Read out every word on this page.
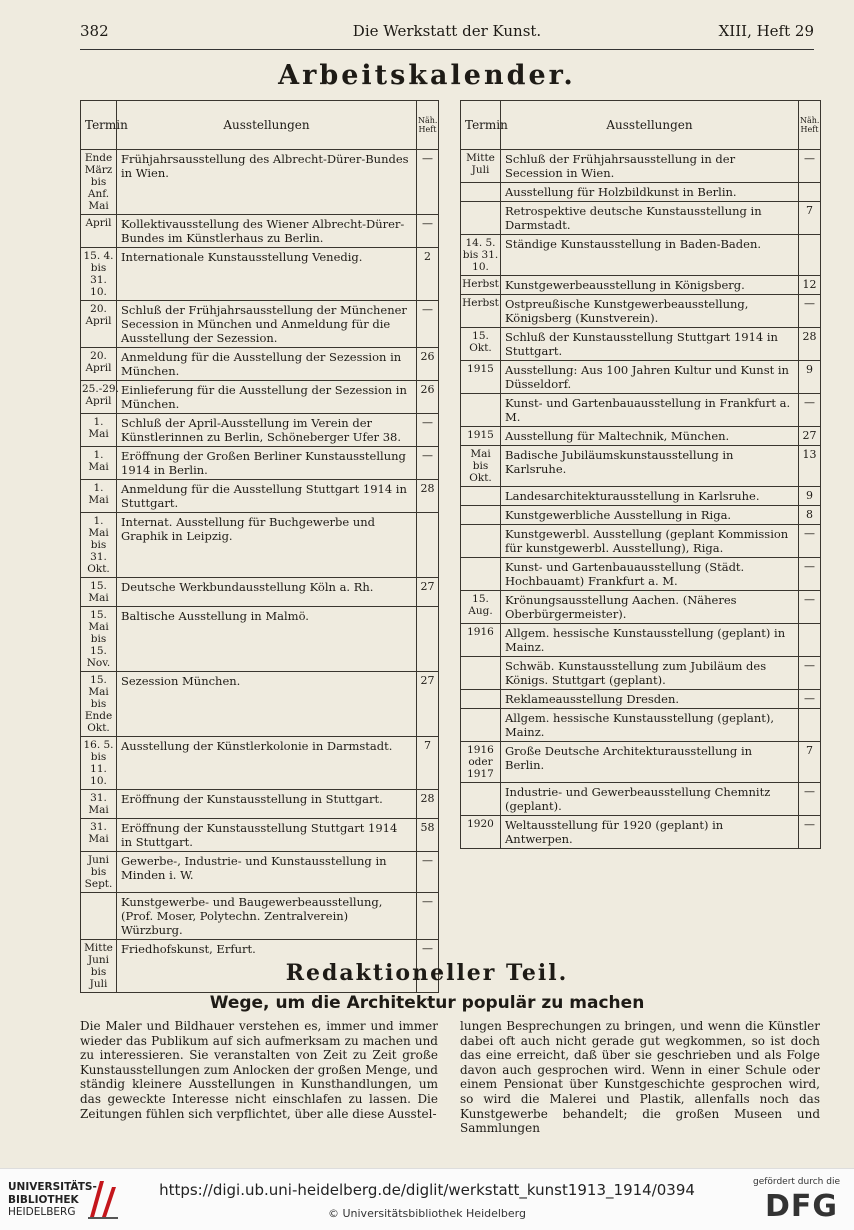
382	Die Werkstatt der Kunst.	XIII, Heft 29
Arbeitskalender.
Termin	Ausstellungen	Näh. Heft
Ende März bis Anf. Mai	Frühjahrsausstellung des Albrecht-Dürer-Bundes in Wien.	—
April	Kollektivausstellung des Wiener Albrecht-Dürer-Bundes im Künstlerhaus zu Berlin.	—
15. 4. bis 31. 10.	Internationale Kunstausstellung Venedig.	2
20. April	Schluß der Frühjahrsausstellung der Münchener Secession in München und Anmeldung für die Ausstellung der Sezession.	—
20. April	Anmeldung für die Ausstellung der Sezession in München.	26
25.-29. April	Einlieferung für die Ausstellung der Sezession in München.	26
1. Mai	Schluß der April-Ausstellung im Verein der Künstlerinnen zu Berlin, Schöneberger Ufer 38.	—
1. Mai	Eröffnung der Großen Berliner Kunstausstellung 1914 in Berlin.	—
1. Mai	Anmeldung für die Ausstellung Stuttgart 1914 in Stuttgart.	28
1. Mai bis 31. Okt.	Internat. Ausstellung für Buchgewerbe und Graphik in Leipzig.	
15. Mai	Deutsche Werkbundausstellung Köln a. Rh.	27
15. Mai bis 15. Nov.	Baltische Ausstellung in Malmö.	
15. Mai bis Ende Okt.	Sezession München.	27
16. 5. bis 11. 10.	Ausstellung der Künstlerkolonie in Darmstadt.	7
31. Mai	Eröffnung der Kunstausstellung in Stuttgart.	28
31. Mai	Eröffnung der Kunstausstellung Stuttgart 1914 in Stuttgart.	58
Juni bis Sept.	Gewerbe-, Industrie- und Kunstausstellung in Minden i. W.	—
	Kunstgewerbe- und Baugewerbeausstellung, (Prof. Moser, Polytechn. Zentralverein) Würzburg.	—
Mitte Juni bis Juli	Friedhofskunst, Erfurt.	—
Termin	Ausstellungen	Näh. Heft
Mitte Juli	Schluß der Frühjahrsausstellung in der Secession in Wien.	—
	Ausstellung für Holzbildkunst in Berlin.	
	Retrospektive deutsche Kunstausstellung in Darmstadt.	7
14. 5. bis 31. 10.	Ständige Kunstausstellung in Baden-Baden.	
Herbst	Kunstgewerbeausstellung in Königsberg.	12
Herbst	Ostpreußische Kunstgewerbeausstellung, Königsberg (Kunstverein).	—
15. Okt.	Schluß der Kunstausstellung Stuttgart 1914 in Stuttgart.	28
1915	Ausstellung: Aus 100 Jahren Kultur und Kunst in Düsseldorf.	9
	Kunst- und Gartenbauausstellung in Frankfurt a. M.	—
1915	Ausstellung für Maltechnik, München.	27
Mai bis Okt.	Badische Jubiläumskunstausstellung in Karlsruhe.	13
	Landesarchitekturausstellung in Karlsruhe.	9
	Kunstgewerbliche Ausstellung in Riga.	8
	Kunstgewerbl. Ausstellung (geplant Kommission für kunstgewerbl. Ausstellung), Riga.	—
	Kunst- und Gartenbauausstellung (Städt. Hochbauamt) Frankfurt a. M.	—
15. Aug.	Krönungsausstellung Aachen. (Näheres Oberbürgermeister).	—
1916	Allgem. hessische Kunstausstellung (geplant) in Mainz.	
	Schwäb. Kunstausstellung zum Jubiläum des Königs. Stuttgart (geplant).	—
	Reklameausstellung Dresden.	—
	Allgem. hessische Kunstausstellung (geplant), Mainz.	
1916 oder 1917	Große Deutsche Architekturausstellung in Berlin.	7
	Industrie- und Gewerbeausstellung Chemnitz (geplant).	—
1920	Weltausstellung für 1920 (geplant) in Antwerpen.	—
Redaktioneller Teil.
Wege, um die Architektur populär zu machen
Die Maler und Bildhauer verstehen es, immer und immer wieder das Publikum auf sich aufmerksam zu machen und zu interessieren. Sie veranstalten von Zeit zu Zeit große Kunstausstellungen zum Anlocken der großen Menge, und ständig kleinere Ausstellungen in Kunsthandlungen, um das geweckte Interesse nicht einschlafen zu lassen. Die Zeitungen fühlen sich verpflichtet, über alle diese Ausstel-
lungen Besprechungen zu bringen, und wenn die Künstler dabei oft auch nicht gerade gut wegkommen, so ist doch das eine erreicht, daß über sie geschrieben und als Folge davon auch gesprochen wird. Wenn in einer Schule oder einem Pensionat über Kunstgeschichte gesprochen wird, so wird die Malerei und Plastik, allenfalls noch das Kunstgewerbe behandelt; die großen Museen und Sammlungen
UNIVERSITÄTS-
BIBLIOTHEK
HEIDELBERG
https://digi.ub.uni-heidelberg.de/diglit/werkstatt_kunst1913_1914/0394
© Universitätsbibliothek Heidelberg
gefördert durch die
DFG
